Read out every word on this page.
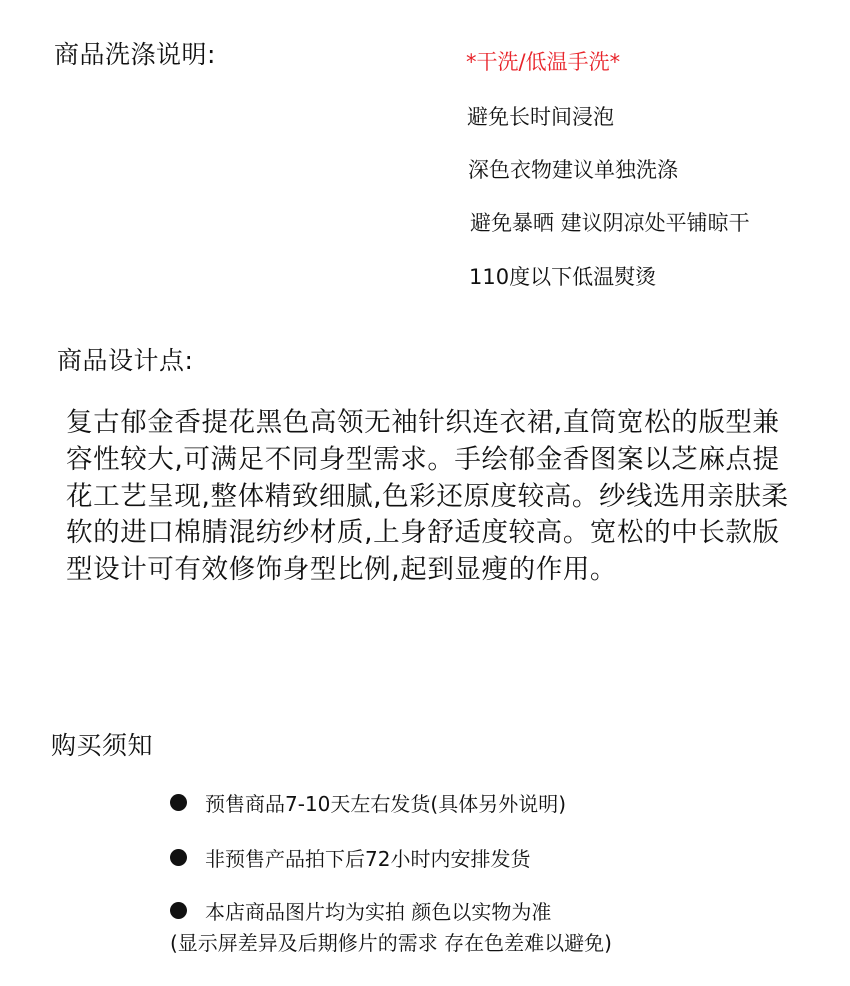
商品洗涤说明:	*干洗/低温手洗*
避免长时间浸泡
深色衣物建议单独洗涤
避免暴晒 建议阴凉处平铺晾干
110度以下低温熨烫
商品设计点:
复古郁金香提花黑色高领无袖针织连衣裙,直筒宽松的版型兼容性较大,可满足不同身型需求。手绘郁金香图案以芝麻点提花工艺呈现,整体精致细腻,色彩还原度较高。纱线选用亲肤柔软的进口棉腈混纺纱材质,上身舒适度较高。宽松的中长款版型设计可有效修饰身型比例,起到显瘦的作用。
购买须知
预售商品7-10天左右发货(具体另外说明)
非预售产品拍下后72小时内安排发货
本店商品图片均为实拍 颜色以实物为准
(显示屏差异及后期修片的需求 存在色差难以避免)
